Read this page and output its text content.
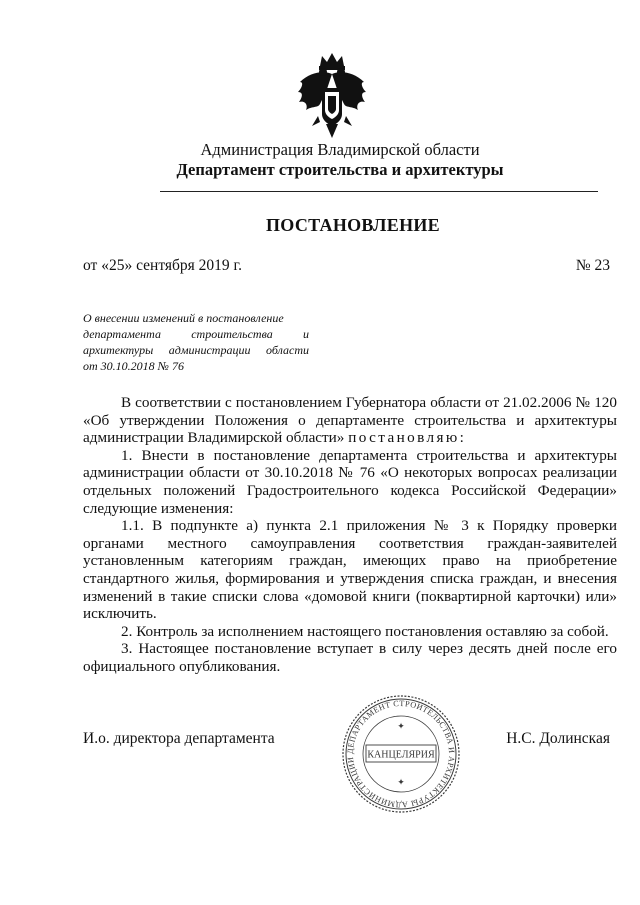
Администрация Владимирской области
Департамент строительства и архитектуры
ПОСТАНОВЛЕНИЕ
от «25» сентября 2019 г.	№ 23
О внесении изменений в постановление
департамента строительства и
архитектуры администрации области
от 30.10.2018 № 76

В соответствии с постановлением Губернатора области от 21.02.2006 № 120 «Об утверждении Положения о департаменте строительства и архитектуры администрации Владимирской области» постановляю:

1. Внести в постановление департамента строительства и архитектуры администрации области от 30.10.2018 № 76 «О некоторых вопросах реализации отдельных положений Градостроительного кодекса Российской Федерации» следующие изменения:

1.1. В подпункте а) пункта 2.1 приложения № 3 к Порядку проверки органами местного самоуправления соответствия граждан-заявителей установленным категориям граждан, имеющих право на приобретение стандартного жилья, формирования и утверждения списка граждан, и внесения изменений в такие списки слова «домовой книги (поквартирной карточки) или» исключить.

2. Контроль за исполнением настоящего постановления оставляю за собой.

3. Настоящее постановление вступает в силу через десять дней после его официального опубликования.

И.о. директора департамента	Н.С. Долинская
ДЕПАРТАМЕНТ СТРОИТЕЛЬСТВА И АРХИТЕКТУРЫ АДМИНИСТРАЦИИ	КАНЦЕЛЯРИЯ
✦
✦
